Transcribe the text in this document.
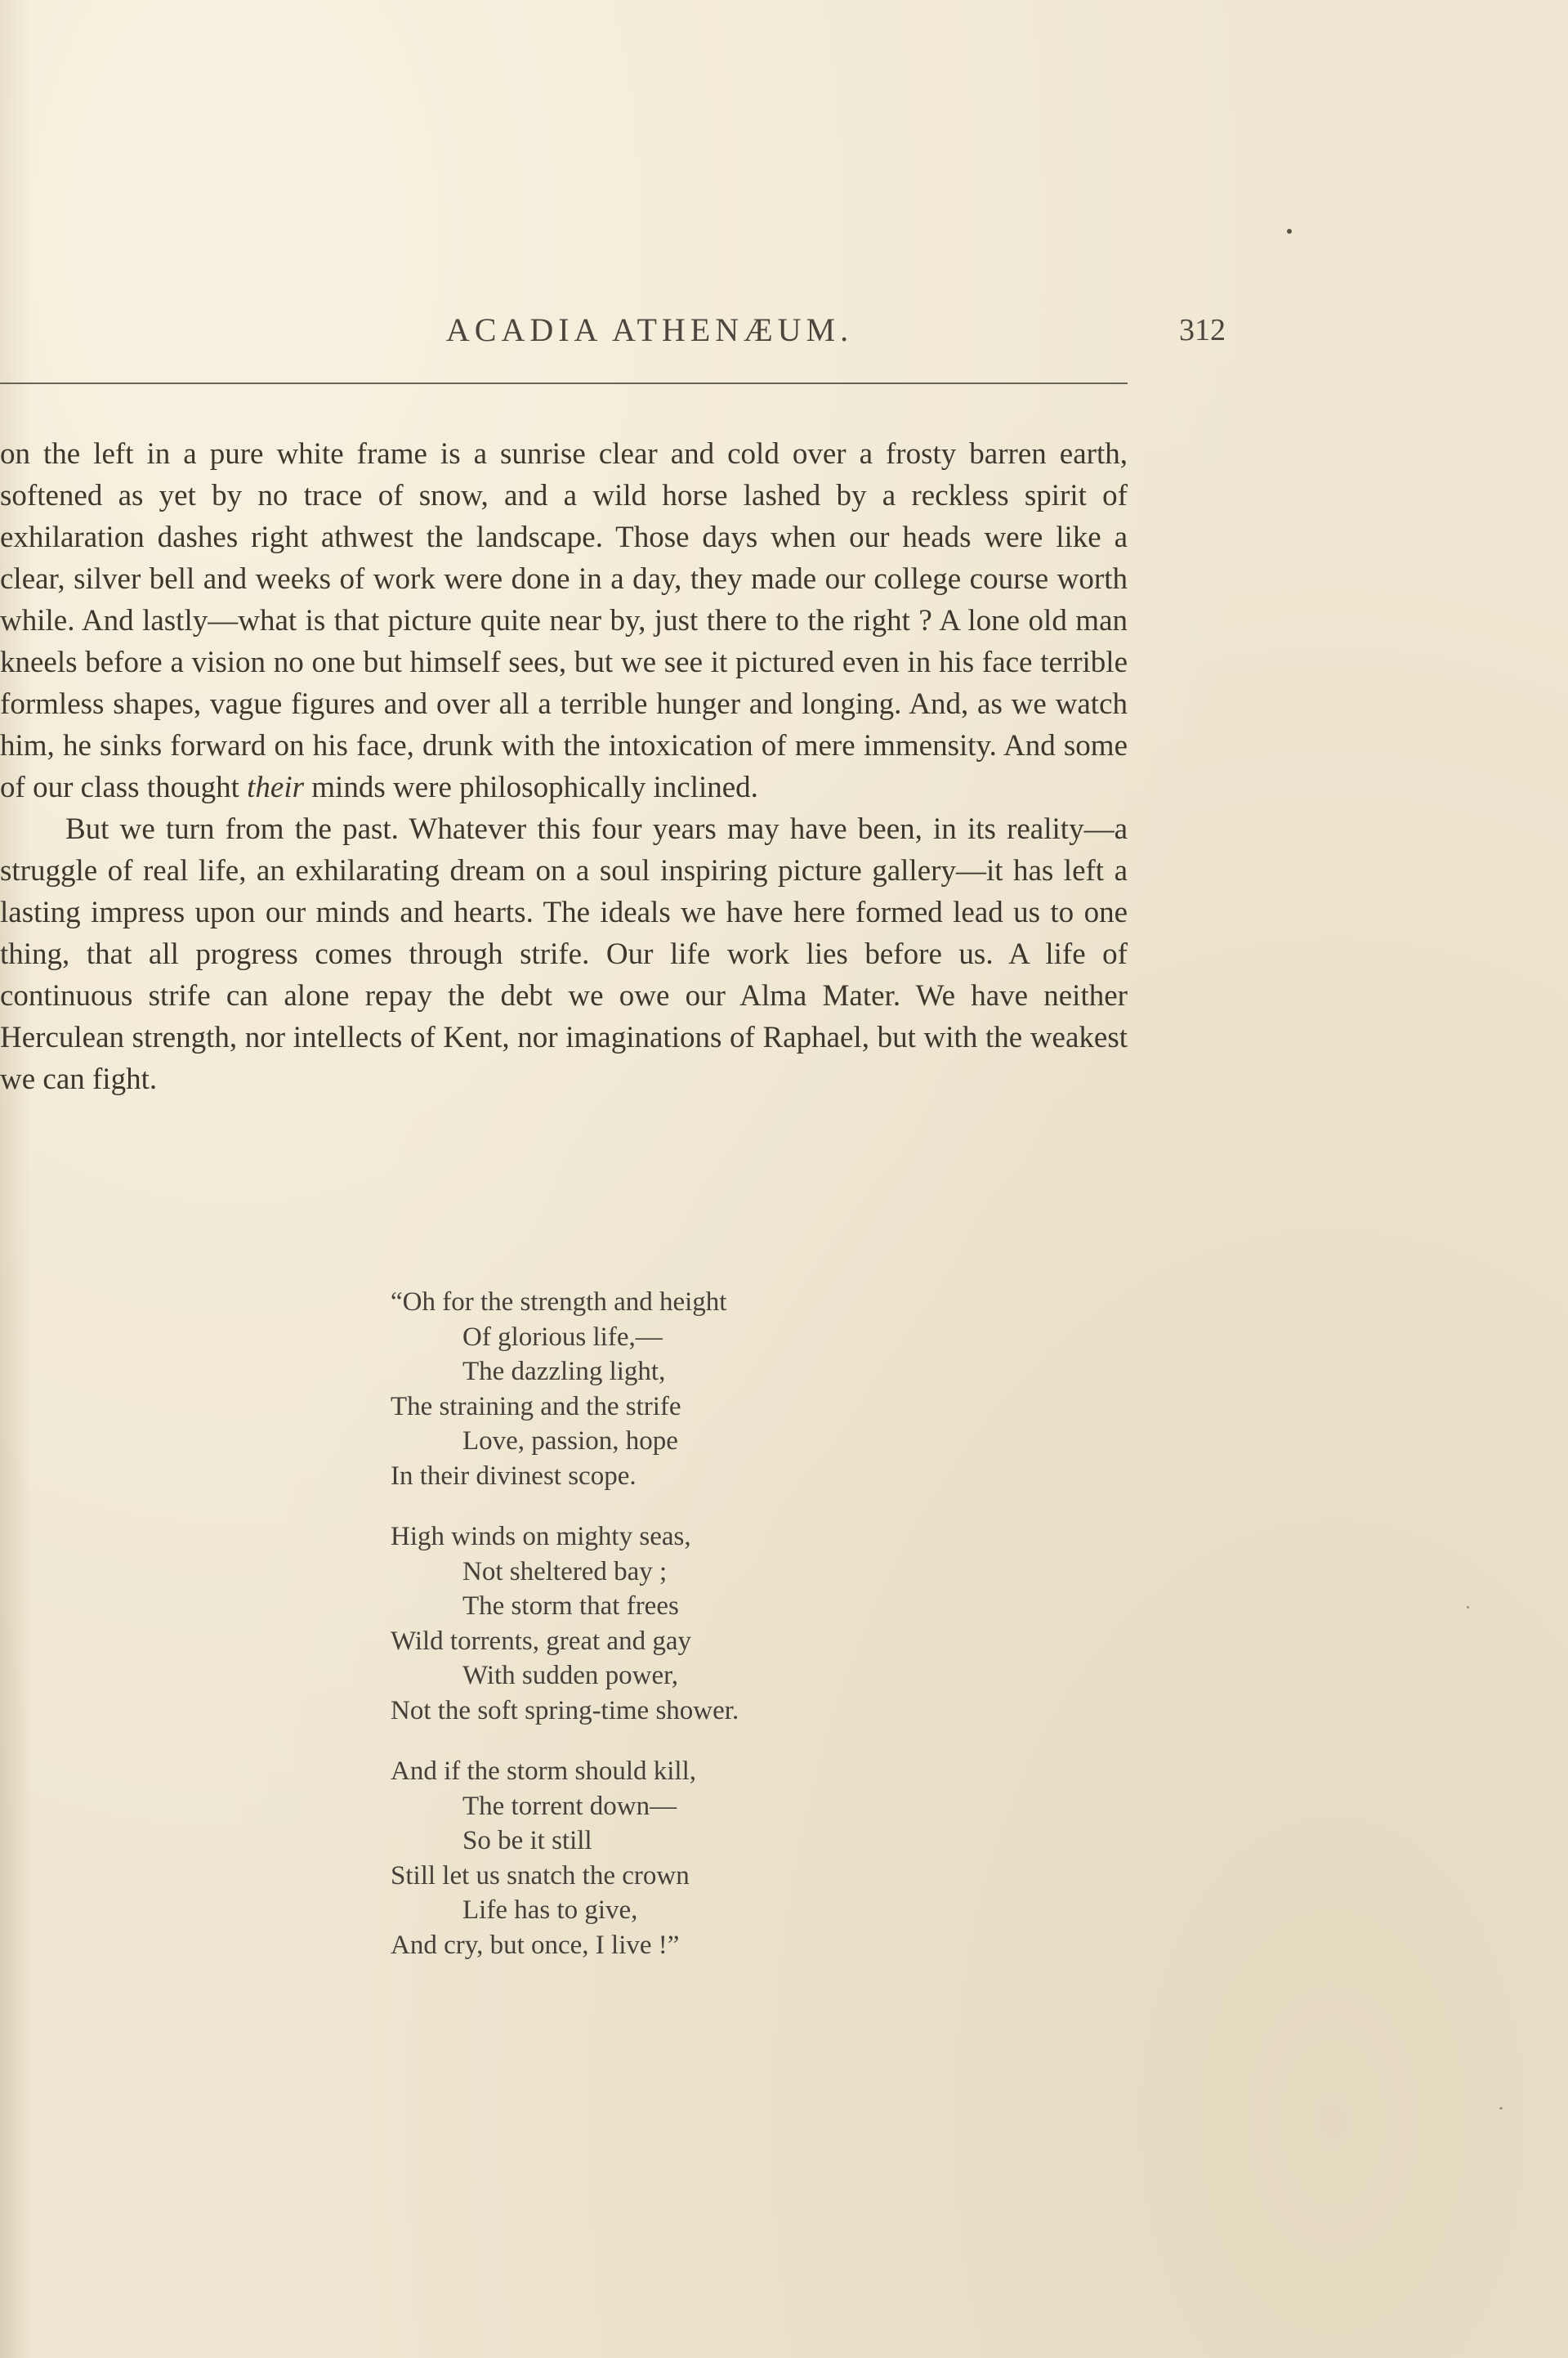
ACADIA ATHENÆUM.	312

on the left in a pure white frame is a sunrise clear and cold over a frosty barren earth, softened as yet by no trace of snow, and a wild horse lashed by a reckless spirit of exhilaration dashes right athwest the landscape. Those days when our heads were like a clear, silver bell and weeks of work were done in a day, they made our college course worth while. And lastly—what is that picture quite near by, just there to the right ? A lone old man kneels before a vision no one but himself sees, but we see it pictured even in his face terrible formless shapes, vague figures and over all a terrible hunger and longing. And, as we watch him, he sinks forward on his face, drunk with the intoxication of mere immensity. And some of our class thought their minds were philosophically inclined.

But we turn from the past. Whatever this four years may have been, in its reality—a struggle of real life, an exhilarating dream on a soul inspiring picture gallery—it has left a lasting impress upon our minds and hearts. The ideals we have here formed lead us to one thing, that all progress comes through strife. Our life work lies before us. A life of continuous strife can alone repay the debt we owe our Alma Mater. We have neither Herculean strength, nor intellects of Kent, nor imaginations of Raphael, but with the weakest we can fight.

“Oh for the strength and height
Of glorious life,—
The dazzling light,
The straining and the strife
Love, passion, hope
In their divinest scope.
High winds on mighty seas,
Not sheltered bay ;
The storm that frees
Wild torrents, great and gay
With sudden power,
Not the soft spring-time shower.
And if the storm should kill,
The torrent down—
So be it still
Still let us snatch the crown
Life has to give,
And cry, but once, I live !”
